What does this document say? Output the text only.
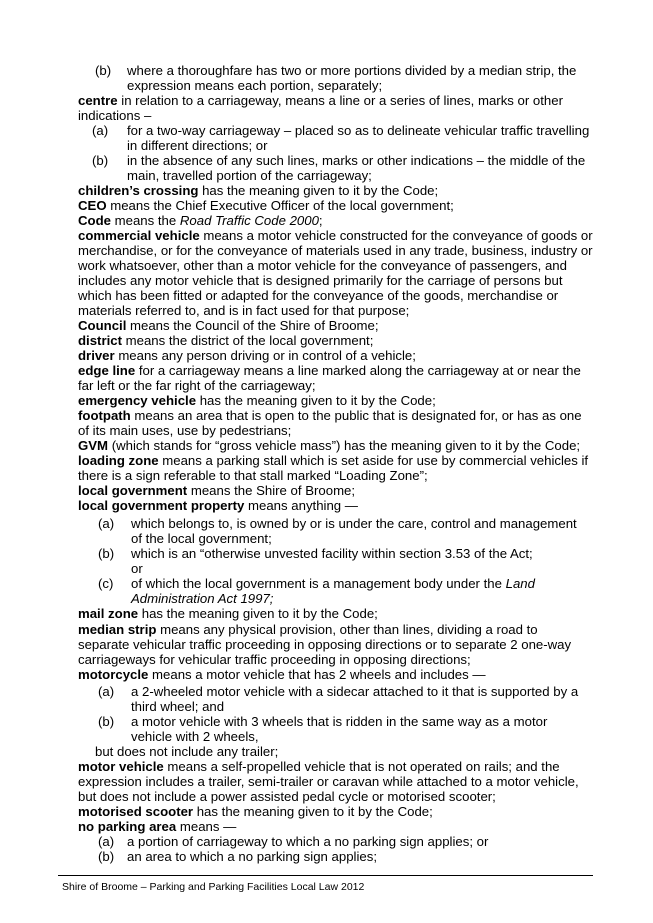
(b) where a thoroughfare has two or more portions divided by a median strip, the
expression means each portion, separately;
centre in relation to a carriageway, means a line or a series of lines, marks or other
indications –
(a) for a two-way carriageway – placed so as to delineate vehicular traffic travelling
in different directions; or
(b) in the absence of any such lines, marks or other indications – the middle of the
main, travelled portion of the carriageway;
children’s crossing has the meaning given to it by the Code;
CEO means the Chief Executive Officer of the local government;
Code means the Road Traffic Code 2000;
commercial vehicle means a motor vehicle constructed for the conveyance of goods or
merchandise, or for the conveyance of materials used in any trade, business, industry or
work whatsoever, other than a motor vehicle for the conveyance of passengers, and
includes any motor vehicle that is designed primarily for the carriage of persons but
which has been fitted or adapted for the conveyance of the goods, merchandise or
materials referred to, and is in fact used for that purpose;
Council means the Council of the Shire of Broome;
district means the district of the local government;
driver means any person driving or in control of a vehicle;
edge line for a carriageway means a line marked along the carriageway at or near the
far left or the far right of the carriageway;
emergency vehicle has the meaning given to it by the Code;
footpath means an area that is open to the public that is designated for, or has as one
of its main uses, use by pedestrians;
GVM (which stands for “gross vehicle mass”) has the meaning given to it by the Code;
loading zone means a parking stall which is set aside for use by commercial vehicles if
there is a sign referable to that stall marked “Loading Zone”;
local government means the Shire of Broome;
local government property means anything —
(a) which belongs to, is owned by or is under the care, control and management
of the local government;
(b) which is an “otherwise unvested facility within section 3.53 of the Act;
or
(c) of which the local government is a management body under the Land
Administration Act 1997;
mail zone has the meaning given to it by the Code;
median strip means any physical provision, other than lines, dividing a road to
separate vehicular traffic proceeding in opposing directions or to separate 2 one-way
carriageways for vehicular traffic proceeding in opposing directions;
motorcycle means a motor vehicle that has 2 wheels and includes —
(a) a 2-wheeled motor vehicle with a sidecar attached to it that is supported by a
third wheel; and
(b) a motor vehicle with 3 wheels that is ridden in the same way as a motor
vehicle with 2 wheels,
but does not include any trailer;
motor vehicle means a self-propelled vehicle that is not operated on rails; and the
expression includes a trailer, semi-trailer or caravan while attached to a motor vehicle,
but does not include a power assisted pedal cycle or motorised scooter;
motorised scooter has the meaning given to it by the Code;
no parking area means —
(a) a portion of carriageway to which a no parking sign applies; or
(b) an area to which a no parking sign applies;
Shire of Broome – Parking and Parking Facilities Local Law 2012
